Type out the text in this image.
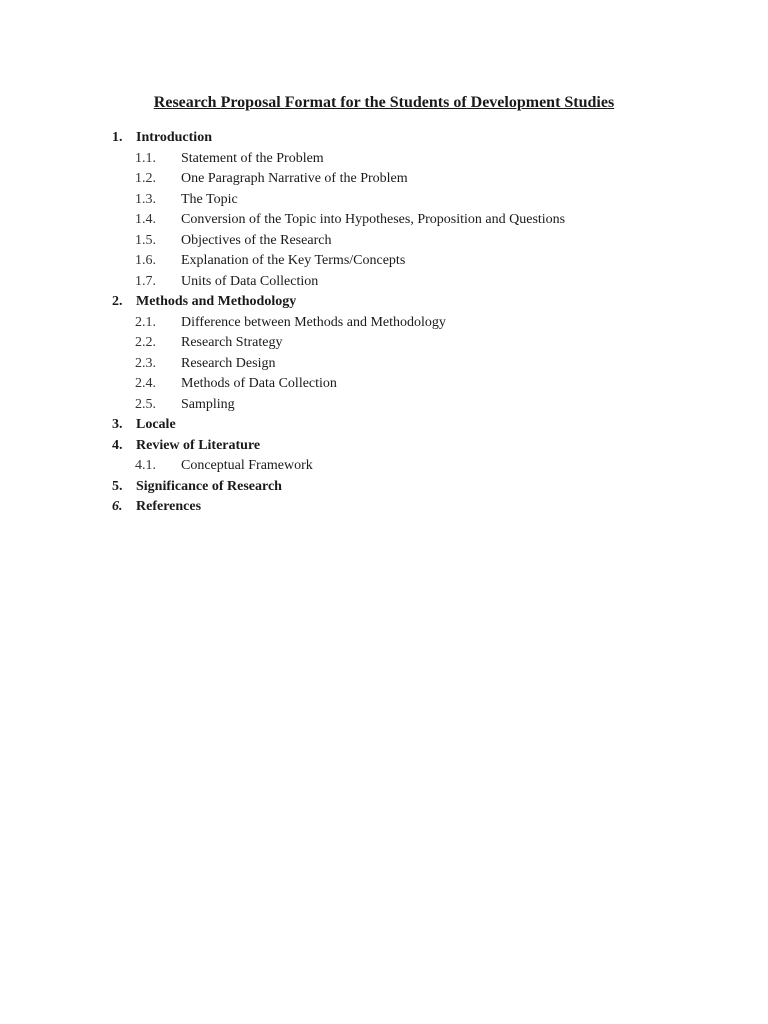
Research Proposal Format for the Students of Development Studies
1. Introduction
1.1.	Statement of the Problem
1.2.	One Paragraph Narrative of the Problem
1.3.	The Topic
1.4.	Conversion of the Topic into Hypotheses, Proposition and Questions
1.5.	Objectives of the Research
1.6.	Explanation of the Key Terms/Concepts
1.7.	Units of Data Collection
2. Methods and Methodology
2.1.	Difference between Methods and Methodology
2.2.	Research Strategy
2.3.	Research Design
2.4.	Methods of Data Collection
2.5.	Sampling
3. Locale
4. Review of Literature
4.1.	Conceptual Framework
5. Significance of Research
6. References
